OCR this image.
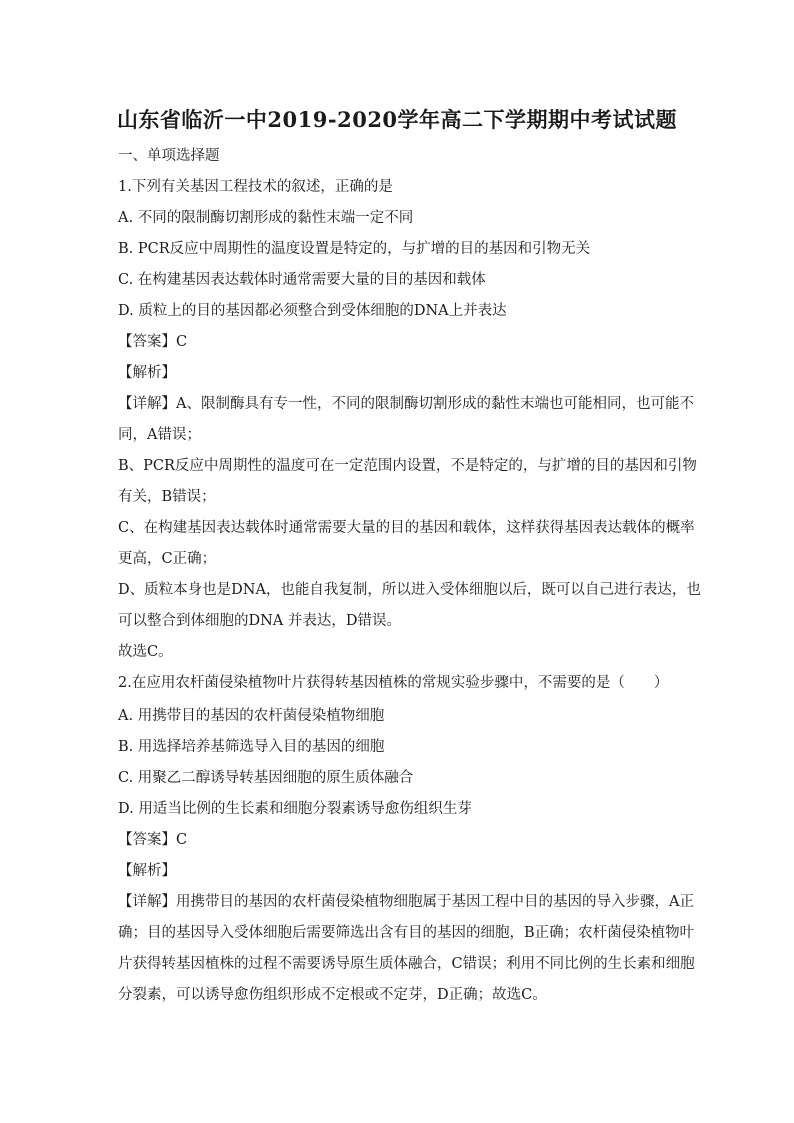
山东省临沂一中2019-2020学年高二下学期期中考试试题
一、单项选择题
1.下列有关基因工程技术的叙述，正确的是
A. 不同的限制酶切割形成的黏性末端一定不同
B. PCR反应中周期性的温度设置是特定的，与扩增的目的基因和引物无关
C. 在构建基因表达载体时通常需要大量的目的基因和载体
D. 质粒上的目的基因都必须整合到受体细胞的DNA上并表达
【答案】C
【解析】
【详解】A、限制酶具有专一性，不同的限制酶切割形成的黏性末端也可能相同，也可能不
同，A错误；
B、PCR反应中周期性的温度可在一定范围内设置，不是特定的，与扩增的目的基因和引物
有关，B错误；
C、在构建基因表达载体时通常需要大量的目的基因和载体，这样获得基因表达载体的概率
更高，C正确；
D、质粒本身也是DNA，也能自我复制，所以进入受体细胞以后，既可以自己进行表达，也
可以整合到体细胞的DNA 并表达，D错误。
故选C。
2.在应用农杆菌侵染植物叶片获得转基因植株的常规实验步骤中，不需要的是（　　）
A. 用携带目的基因的农杆菌侵染植物细胞
B. 用选择培养基筛选导入目的基因的细胞
C. 用聚乙二醇诱导转基因细胞的原生质体融合
D. 用适当比例的生长素和细胞分裂素诱导愈伤组织生芽
【答案】C
【解析】
【详解】用携带目的基因的农杆菌侵染植物细胞属于基因工程中目的基因的导入步骤，A正
确；目的基因导入受体细胞后需要筛选出含有目的基因的细胞，B正确；农杆菌侵染植物叶
片获得转基因植株的过程不需要诱导原生质体融合，C错误；利用不同比例的生长素和细胞
分裂素，可以诱导愈伤组织形成不定根或不定芽，D正确；故选C。
